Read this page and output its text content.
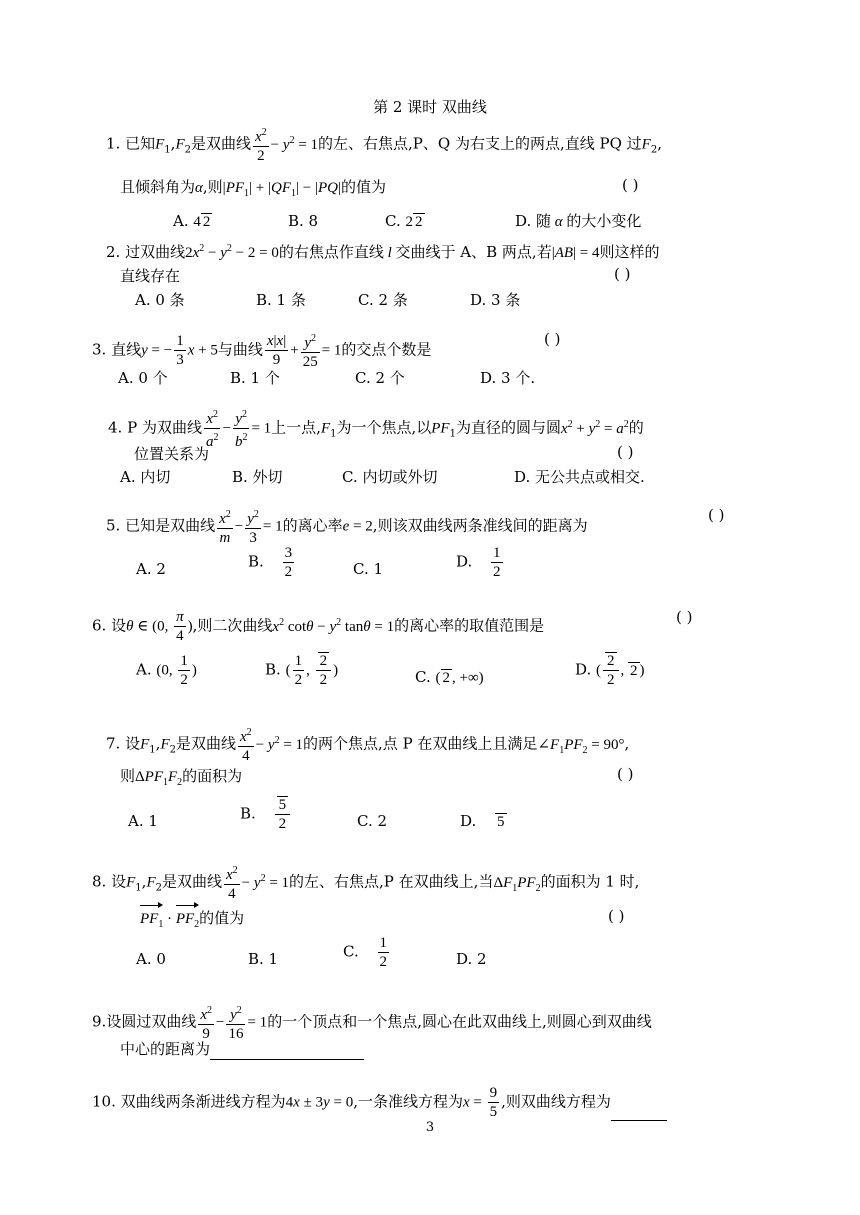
第 2 课时 双曲线
1. 已知$F_1,F_2$是双曲线 $\frac{x^2}{2} - y^2 = 1$的左、右焦点,P、Q 为右支上的两点,直线 PQ 过$F_2$,
且倾斜角为α,则$|PF_1| + |QF_1| - |PQ|$的值为	( )
A. 4 2	B. 8	C. 2 2	D. 随 α 的大小变化
2. 过双曲线$2x^2 - y^2 - 2 = 0$的右焦点作直线 l 交曲线于 A、B 两点,若|AB| = 4则这样的
直线存在	( )
A. 0 条	B. 1 条	C. 2 条	D. 3 条
3. 直线y = − $\frac{1}{3}$ x + 5与曲线 $\frac{x|x|}{9} + \frac{y^2}{25} = 1$的交点个数是
( )
A. 0 个	B. 1 个	C. 2 个	D. 3 个.
4. P 为双曲线 $\frac{x^2}{a^2} - \frac{y^2}{b^2} = 1$上一点$,F_1$为一个焦点,以$PF_1$为直径的圆与圆$x^2 + y^2 = a^2$的
位置关系为	( )
A. 内切	B. 外切	C. 内切或外切	D. 无公共点或相交.
5. 已知是双曲线 $\frac{x^2}{m} - \frac{y^2}{3} = 1$的离心率e = 2,则该双曲线两条准线间的距离为
( )
A. 2	B. $\frac{3}{2}$	C. 1	D. $\frac{1}{2}$
6. 设θ ∈ (0, $\frac{\pi}{4}$ ),则二次曲线$x^2$ $\cot\theta - y^2$ tanθ = 1的离心率的取值范围是	( )
A. (0, $\frac{1}{2}$ )	B. ( $\frac{1}{2}$ , $\frac{2}{2}$ )	C. ( 2 , +∞)	D. ( $\frac{2}{2}$ , 2 )
7. 设$F_1,F_2$是双曲线 $\frac{x^2}{4} - y^2 = 1$的两个焦点,点 P 在双曲线上且满足$\angle F_1PF_2 = 90^\circ$,
则$\Delta PF_1F_2$的面积为	( )
A. 1	B. $\frac{5}{2}$	C. 2	D. 5
8. 设$F_1,F_2$是双曲线 $\frac{x^2}{4} - y^2 = 1$的左、右焦点,P 在双曲线上,当$\Delta F_1PF_2$的面积为 1 时,
$PF_1 \cdot PF_2$的值为	( )
A. 0	B. 1	C. $\frac{1}{2}$	D. 2
9.设圆过双曲线 $\frac{x^2}{9} - \frac{y^2}{16} = 1$的一个顶点和一个焦点,圆心在此双曲线上,则圆心到双曲线
中心的距离为
10. 双曲线两条渐进线方程为4x ± 3y = 0,一条准线方程为$x = \frac{9}{5}$ ,则双曲线方程为
3
